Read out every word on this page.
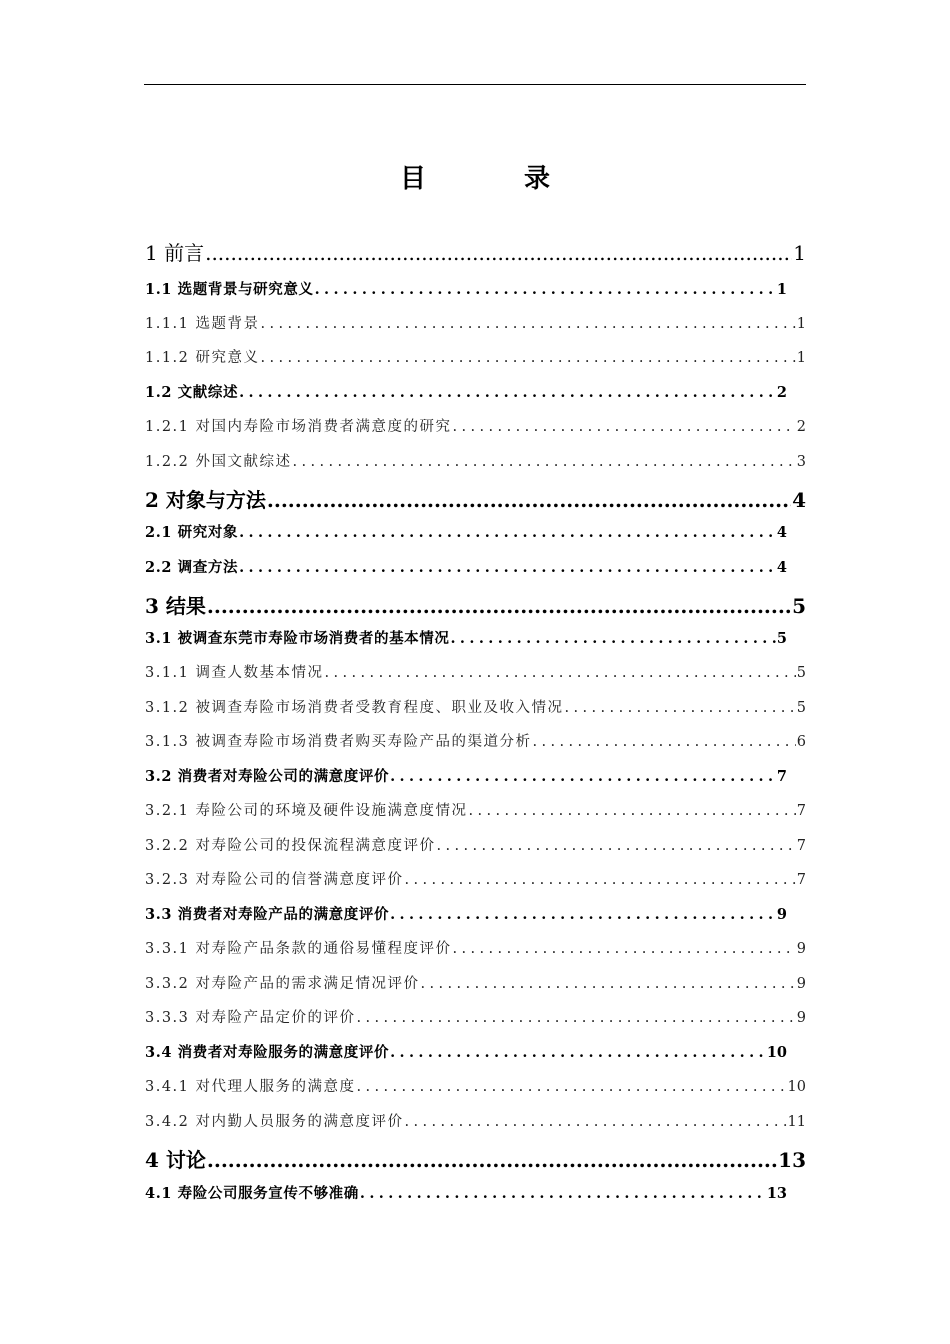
目　录
1 前言 .....	1
1.1 选题背景与研究意义 .....	1
1.1.1 选题背景 .....	1
1.1.2 研究意义 .....	1
1.2 文献综述 .....	2
1.2.1 对国内寿险市场消费者满意度的研究 .....	2
1.2.2 外国文献综述 .....	3
2 对象与方法 .....	4
2.1 研究对象 .....	4
2.2 调查方法 .....	4
3 结果 .....	5
3.1 被调查东莞市寿险市场消费者的基本情况 .....	5
3.1.1 调查人数基本情况 .....	5
3.1.2 被调查寿险市场消费者受教育程度、职业及收入情况 .....	5
3.1.3 被调查寿险市场消费者购买寿险产品的渠道分析 .....	6
3.2 消费者对寿险公司的满意度评价 .....	7
3.2.1 寿险公司的环境及硬件设施满意度情况 .....	7
3.2.2 对寿险公司的投保流程满意度评价 .....	7
3.2.3 对寿险公司的信誉满意度评价 .....	7
3.3 消费者对寿险产品的满意度评价 .....	9
3.3.1 对寿险产品条款的通俗易懂程度评价 .....	9
3.3.2 对寿险产品的需求满足情况评价 .....	9
3.3.3 对寿险产品定价的评价 .....	9
3.4 消费者对寿险服务的满意度评价 .....	10
3.4.1 对代理人服务的满意度 .....	10
3.4.2 对内勤人员服务的满意度评价 .....	11
4 讨论 .....	13
4.1 寿险公司服务宣传不够准确 .....	13
